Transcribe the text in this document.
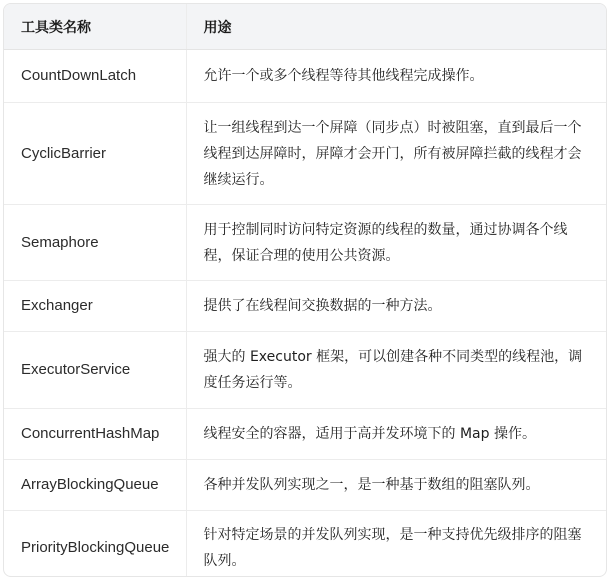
工具类名称	用途
CountDownLatch	允许一个或多个线程等待其他线程完成操作。
CyclicBarrier	让一组线程到达一个屏障（同步点）时被阻塞，直到最后一个线程到达屏障时，屏障才会开门，所有被屏障拦截的线程才会继续运行。
Semaphore	用于控制同时访问特定资源的线程的数量，通过协调各个线程，保证合理的使用公共资源。
Exchanger	提供了在线程间交换数据的一种方法。
ExecutorService	强大的 Executor 框架，可以创建各种不同类型的线程池，调度任务运行等。
ConcurrentHashMap	线程安全的容器，适用于高并发环境下的 Map 操作。
ArrayBlockingQueue	各种并发队列实现之一，是一种基于数组的阻塞队列。
PriorityBlockingQueue	针对特定场景的并发队列实现，是一种支持优先级排序的阻塞队列。
